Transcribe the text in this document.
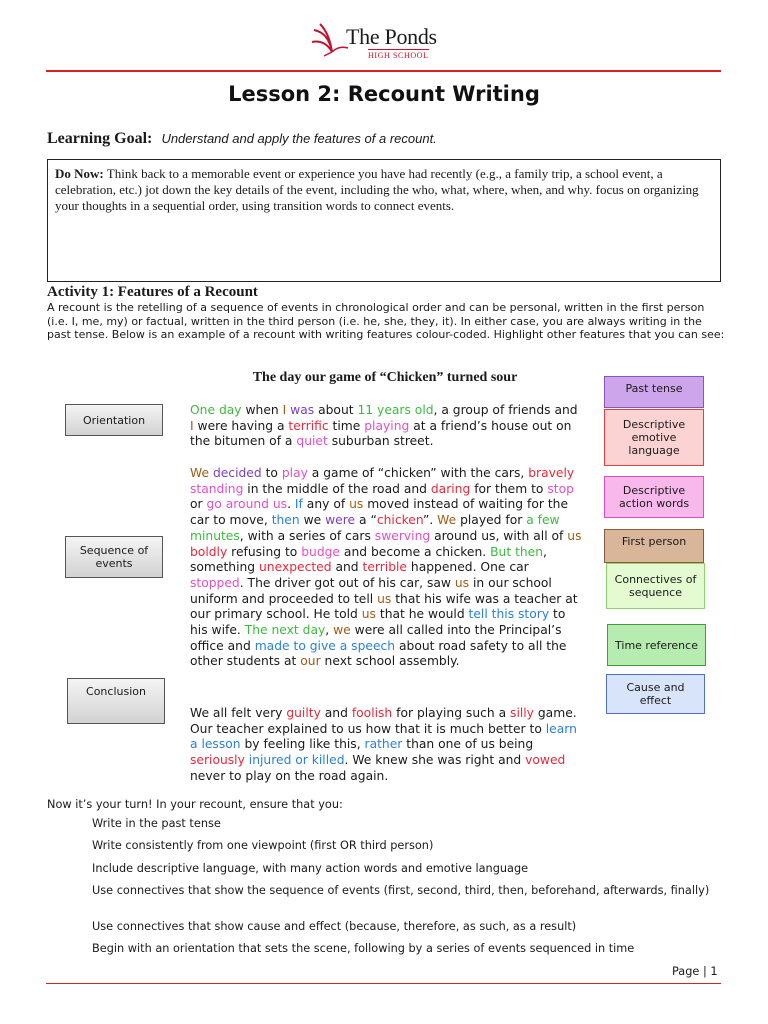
The Ponds
HIGH SCHOOL
Lesson 2: Recount Writing
Learning Goal: Understand and apply the features of a recount.
Do Now: Think back to a memorable event or experience you have had recently (e.g., a family trip, a school event, a celebration, etc.) jot down the key details of the event, including the who, what, where, when, and why. focus on organizing your thoughts in a sequential order, using transition words to connect events.
Activity 1: Features of a Recount
A recount is the retelling of a sequence of events in chronological order and can be personal, written in the first person (i.e. I, me, my) or factual, written in the third person (i.e. he, she, they, it). In either case, you are always writing in the past tense. Below is an example of a recount with writing features colour-coded. Highlight other features that you can see:
The day our game of “Chicken” turned sour
One day when I was about 11 years old, a group of friends and I were having a terrific time playing at a friend’s house out on the bitumen of a quiet suburban street.
We decided to play a game of “chicken” with the cars, bravely standing in the middle of the road and daring for them to stop or go around us. If any of us moved instead of waiting for the car to move, then we were a “chicken”. We played for a few minutes, with a series of cars swerving around us, with all of us boldly refusing to budge and become a chicken. But then, something unexpected and terrible happened. One car stopped. The driver got out of his car, saw us in our school uniform and proceeded to tell us that his wife was a teacher at our primary school. He told us that he would tell this story to his wife. The next day, we were all called into the Principal’s office and made to give a speech about road safety to all the other students at our next school assembly.
We all felt very guilty and foolish for playing such a silly game. Our teacher explained to us how that it is much better to learn a lesson by feeling like this, rather than one of us being seriously injured or killed. We knew she was right and vowed never to play on the road again.
Orientation
Sequence of events
Conclusion
Past tense
Descriptive emotive language
Descriptive action words
First person
Connectives of sequence
Time reference
Cause and effect
Now it’s your turn! In your recount, ensure that you:
Write in the past tense
Write consistently from one viewpoint (first OR third person)
Include descriptive language, with many action words and emotive language
Use connectives that show the sequence of events (first, second, third, then, beforehand, afterwards, finally)
Use connectives that show cause and effect (because, therefore, as such, as a result)
Begin with an orientation that sets the scene, following by a series of events sequenced in time
Page | 1
